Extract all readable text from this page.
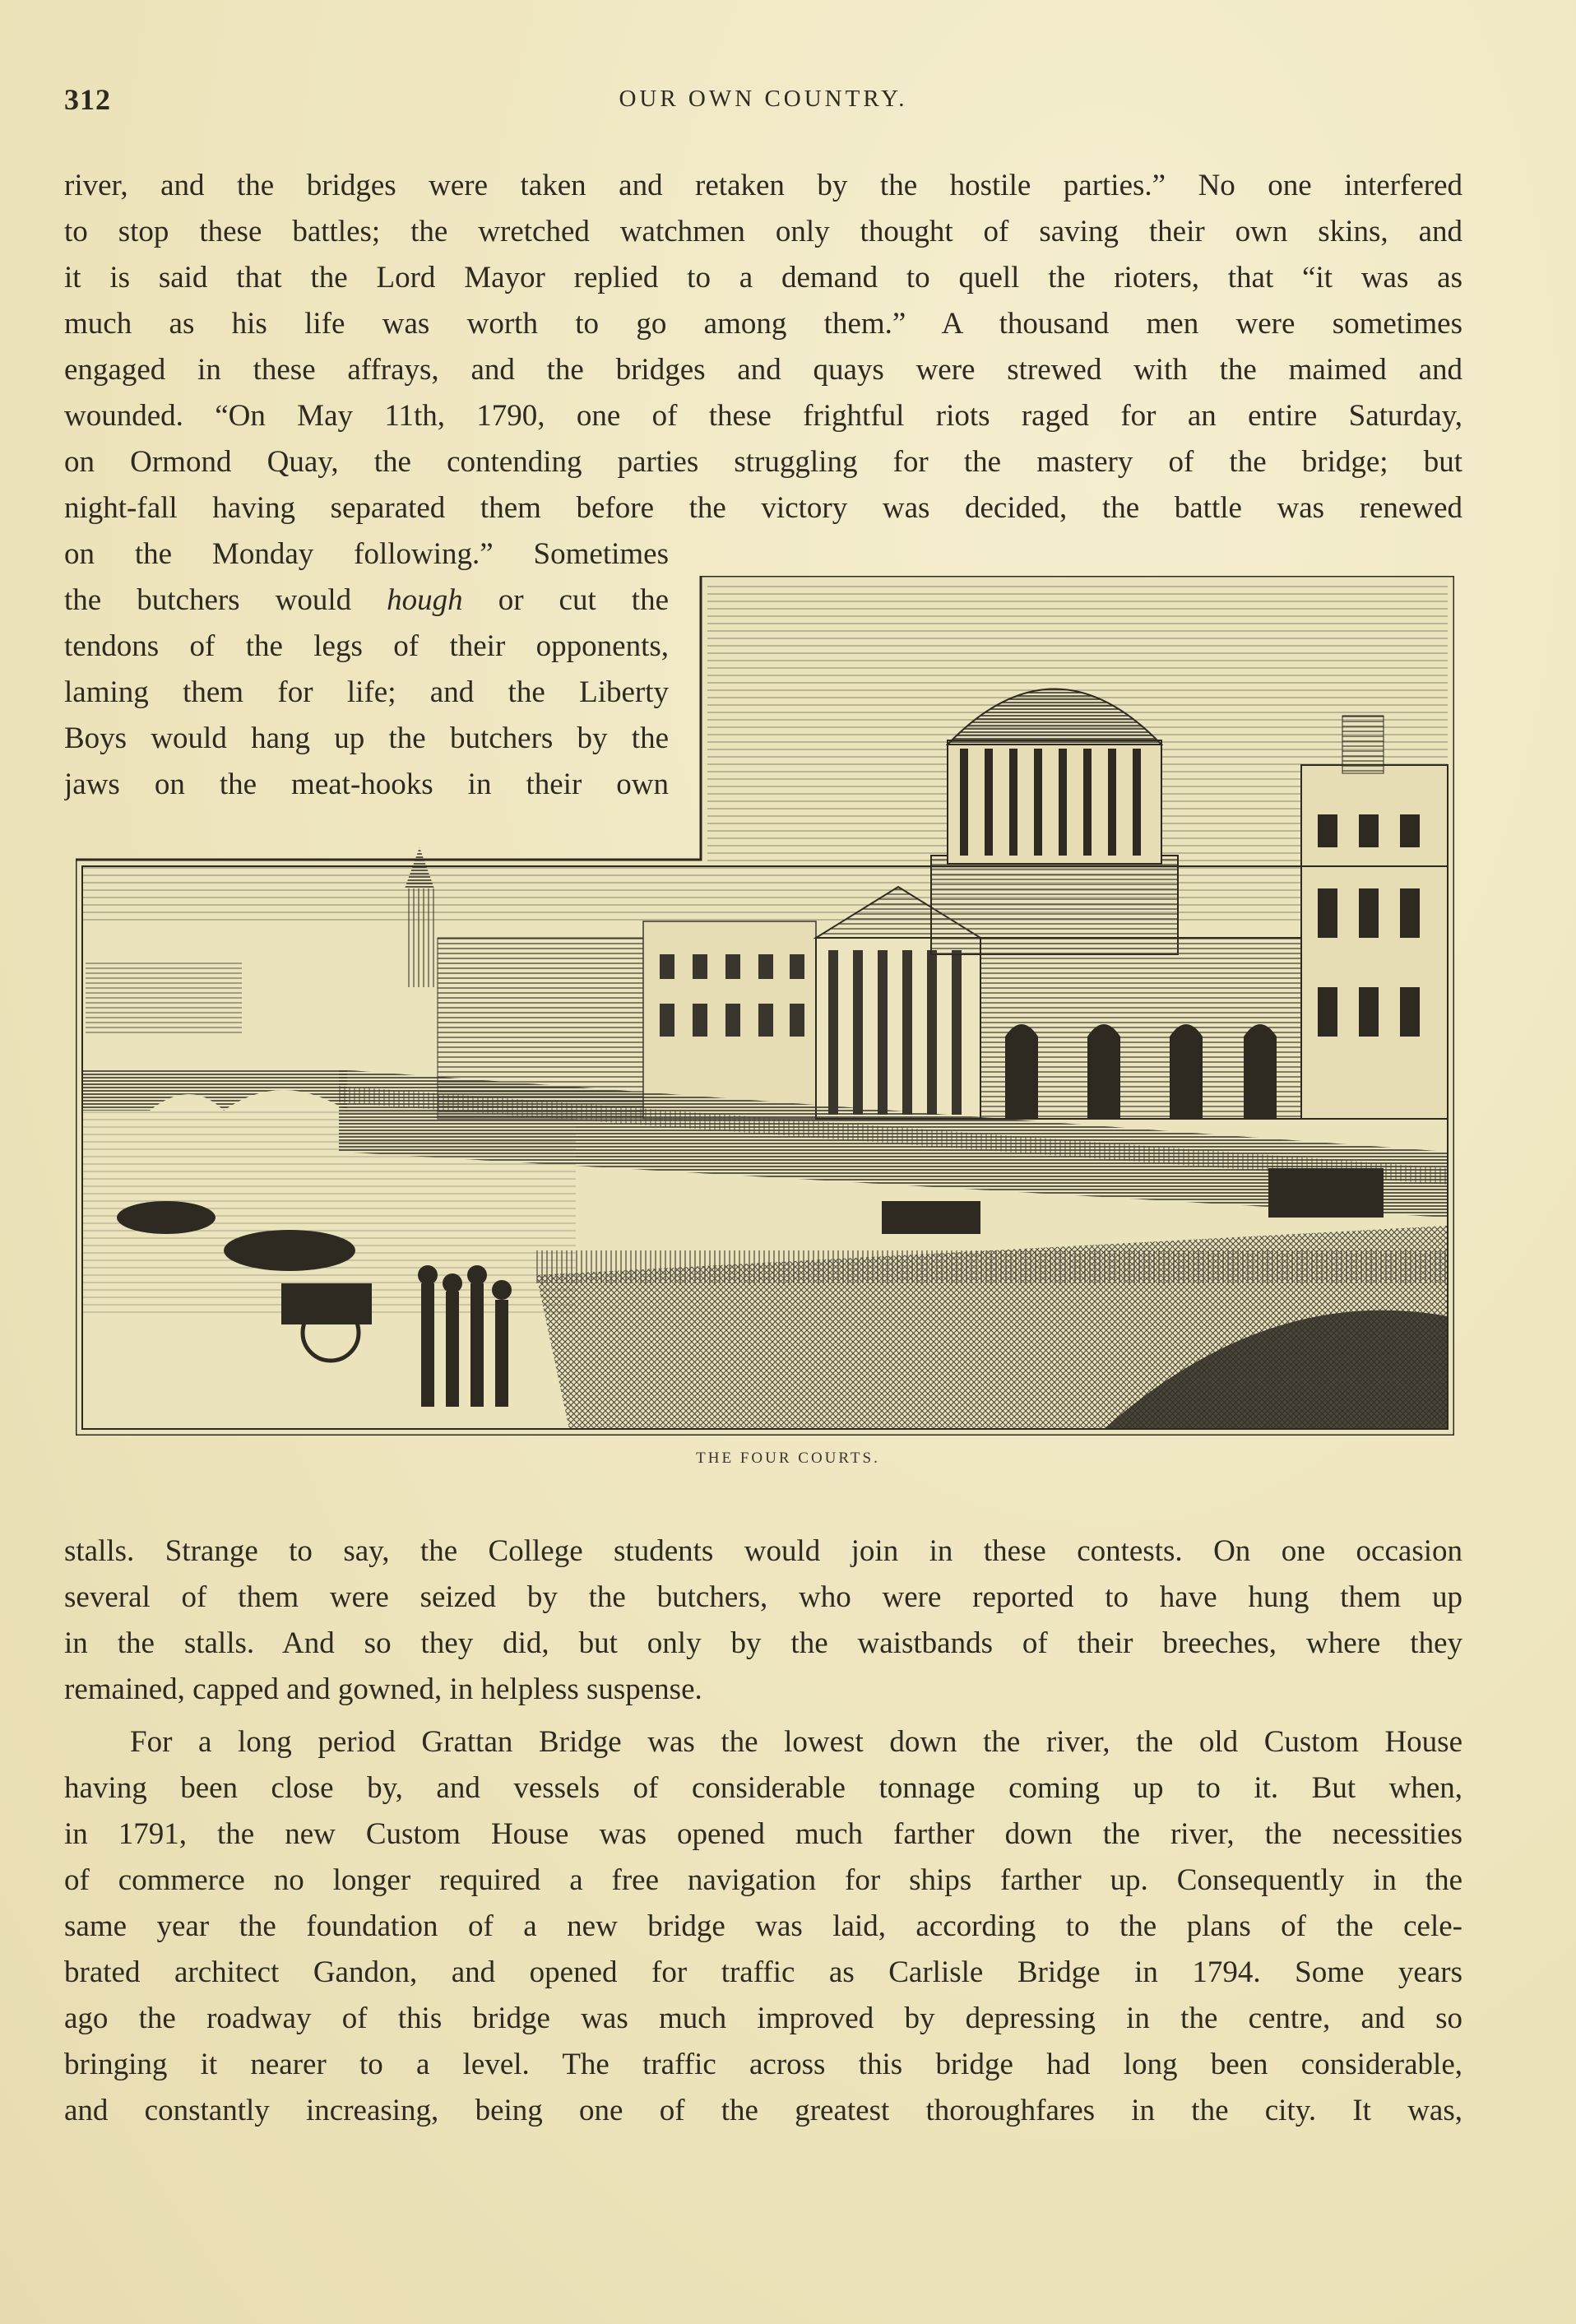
312	OUR OWN COUNTRY.
river, and the bridges were taken and retaken by the hostile parties.” No one interfered
to stop these battles; the wretched watchmen only thought of saving their own skins, and
it is said that the Lord Mayor replied to a demand to quell the rioters, that “it was as
much as his life was worth to go among them.” A thousand men were sometimes
engaged in these affrays, and the bridges and quays were strewed with the maimed and
wounded. “On May 11th, 1790, one of these frightful riots raged for an entire Saturday,
on Ormond Quay, the contending parties struggling for the mastery of the bridge; but
night-fall having separated them before the victory was decided, the battle was renewed
on the Monday following.” Sometimes
the butchers would hough or cut the
tendons of the legs of their opponents,
laming them for life; and the Liberty
Boys would hang up the butchers by the
jaws on the meat-hooks in their own
THE FOUR COURTS.
stalls. Strange to say, the College students would join in these contests. On one occasion
several of them were seized by the butchers, who were reported to have hung them up
in the stalls. And so they did, but only by the waistbands of their breeches, where they
remained, capped and gowned, in helpless suspense.
For a long period Grattan Bridge was the lowest down the river, the old Custom House
having been close by, and vessels of considerable tonnage coming up to it. But when,
in 1791, the new Custom House was opened much farther down the river, the necessities
of commerce no longer required a free navigation for ships farther up. Consequently in the
same year the foundation of a new bridge was laid, according to the plans of the cele-
brated architect Gandon, and opened for traffic as Carlisle Bridge in 1794. Some years
ago the roadway of this bridge was much improved by depressing in the centre, and so
bringing it nearer to a level. The traffic across this bridge had long been considerable,
and constantly increasing, being one of the greatest thoroughfares in the city. It was,
